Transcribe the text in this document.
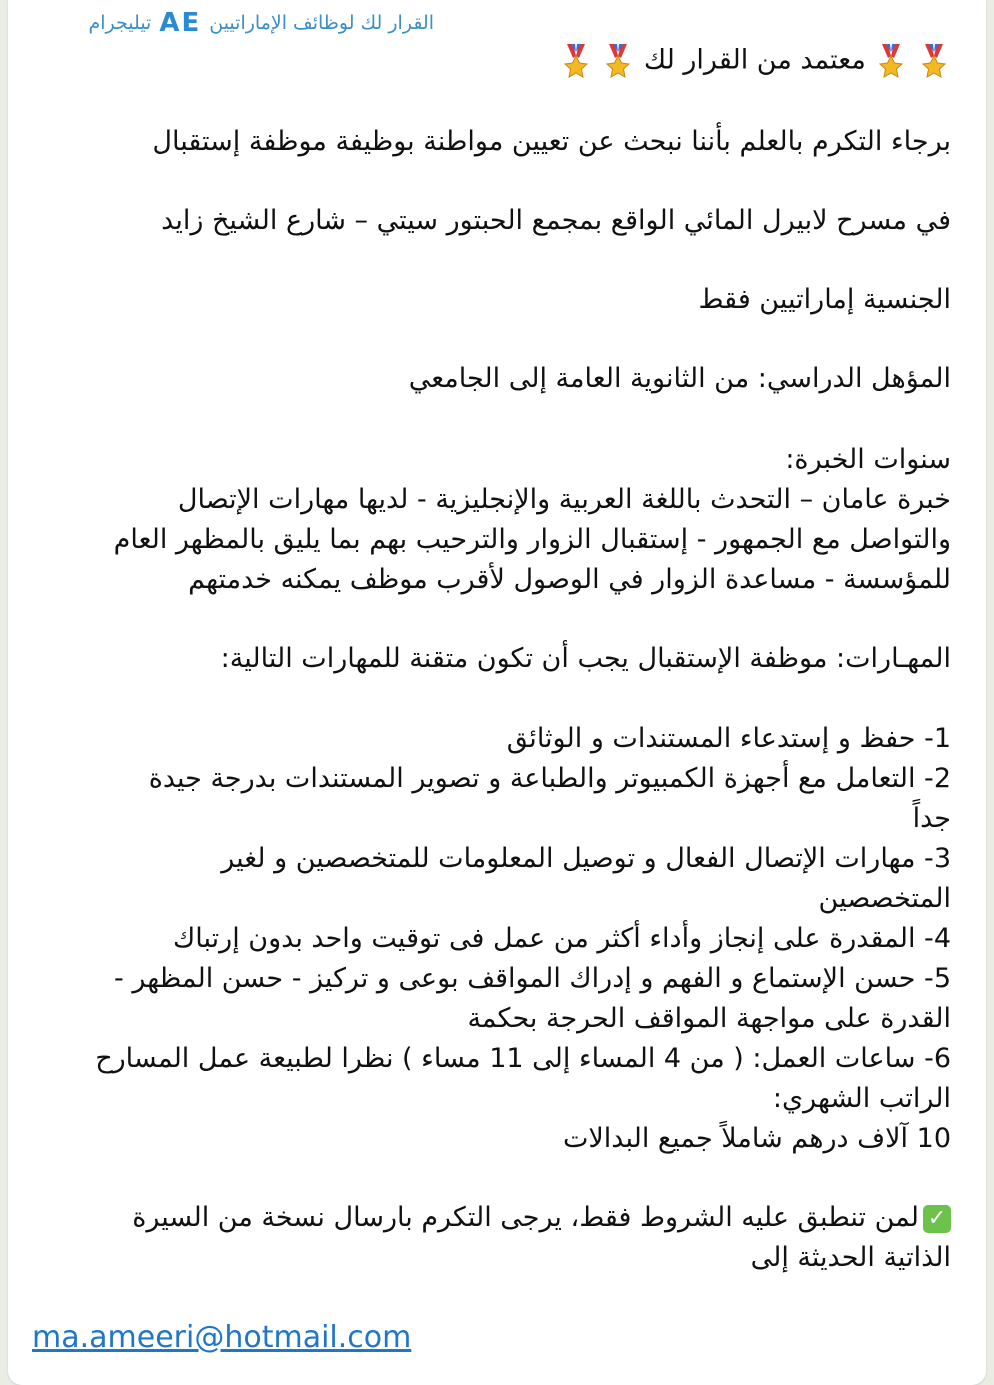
القرار لك لوظائف الإماراتيين
AE
تيليجرام
معتمد من القرار لك
برجاء التكرم بالعلم بأننا نبحث عن تعيين مواطنة بوظيفة موظفة إستقبال
في مسرح لابيرل المائي الواقع بمجمع الحبتور سيتي – شارع الشيخ زايد
الجنسية إماراتيين فقط
المؤهل الدراسي: من الثانوية العامة إلى الجامعي
سنوات الخبرة:
خبرة عامان – التحدث باللغة العربية والإنجليزية - لديها مهارات الإتصال
والتواصل مع الجمهور - إستقبال الزوار والترحيب بهم بما يليق بالمظهر العام
للمؤسسة - مساعدة الزوار في الوصول لأقرب موظف يمكنه خدمتهم
المهـارات: موظفة الإستقبال يجب أن تكون متقنة للمهارات التالية:
1- حفظ و إستدعاء المستندات و الوثائق
2- التعامل مع أجهزة الكمبيوتر والطباعة و تصوير المستندات بدرجة جيدة
جداً
3- مهارات الإتصال الفعال و توصيل المعلومات للمتخصصين و لغير
المتخصصين
4- المقدرة على إنجاز وأداء أكثر من عمل فى توقيت واحد بدون إرتباك
5- حسن الإستماع و الفهم و إدراك المواقف بوعى و تركيز - حسن المظهر -
القدرة على مواجهة المواقف الحرجة بحكمة
6- ساعات العمل: ( من 4 المساء إلى 11 مساء ) نظرا لطبيعة عمل المسارح
الراتب الشهري:
10 آلاف درهم شاملاً جميع البدالات
✓لمن تنطبق عليه الشروط فقط، يرجى التكرم بارسال نسخة من السيرة
الذاتية الحديثة إلى
ma.ameeri@hotmail.com
